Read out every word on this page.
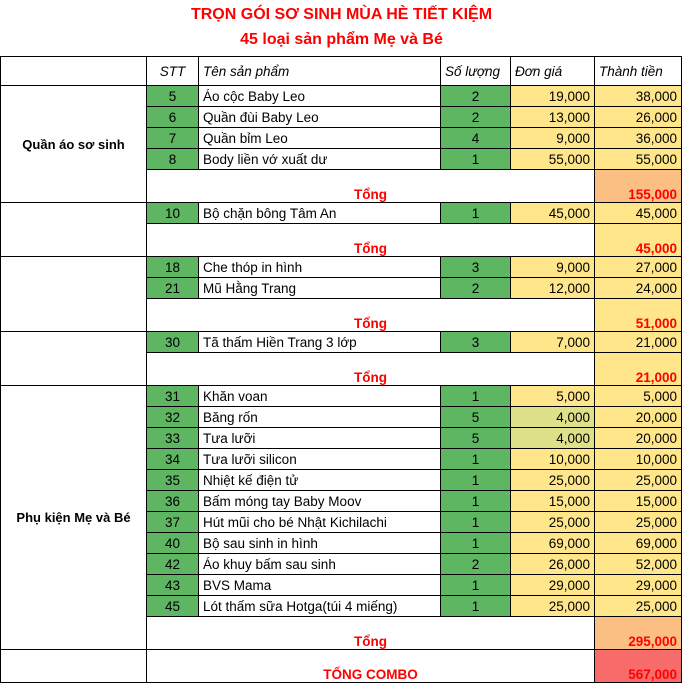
TRỌN GÓI SƠ SINH MÙA HÈ TIẾT KIỆM
45 loại sản phẩm Mẹ và Bé
	STT	Tên sản phẩm	Số lượng	Đơn giá	Thành tiền
Quần áo sơ sinh	5	Áo cộc Baby Leo	2	19,000	38,000
	6	Quần đùi Baby Leo	2	13,000	26,000
	7	Quần bỉm Leo	4	9,000	36,000
	8	Body liền vớ xuất dư	1	55,000	55,000
	Tổng				155,000
	10	Bộ chặn bông Tâm An	1	45,000	45,000
	Tổng				45,000
	18	Che thóp in hình	3	9,000	27,000
	21	Mũ Hằng Trang	2	12,000	24,000
	Tổng				51,000
	30	Tã thấm Hiền Trang 3 lớp	3	7,000	21,000
	Tổng				21,000
Phụ kiện Mẹ và Bé	31	Khăn voan	1	5,000	5,000
	32	Băng rốn	5	4,000	20,000
	33	Tưa lưỡi	5	4,000	20,000
	34	Tưa lưỡi silicon	1	10,000	10,000
	35	Nhiệt kế điện tử	1	25,000	25,000
	36	Bấm móng tay Baby Moov	1	15,000	15,000
	37	Hút mũi cho bé Nhật Kichilachi	1	25,000	25,000
	40	Bộ sau sinh in hình	1	69,000	69,000
	42	Áo khuy bấm sau sinh	2	26,000	52,000
	43	BVS Mama	1	29,000	29,000
	45	Lót thấm sữa Hotga(túi 4 miếng)	1	25,000	25,000
	Tổng				295,000
	TỔNG COMBO				567,000
